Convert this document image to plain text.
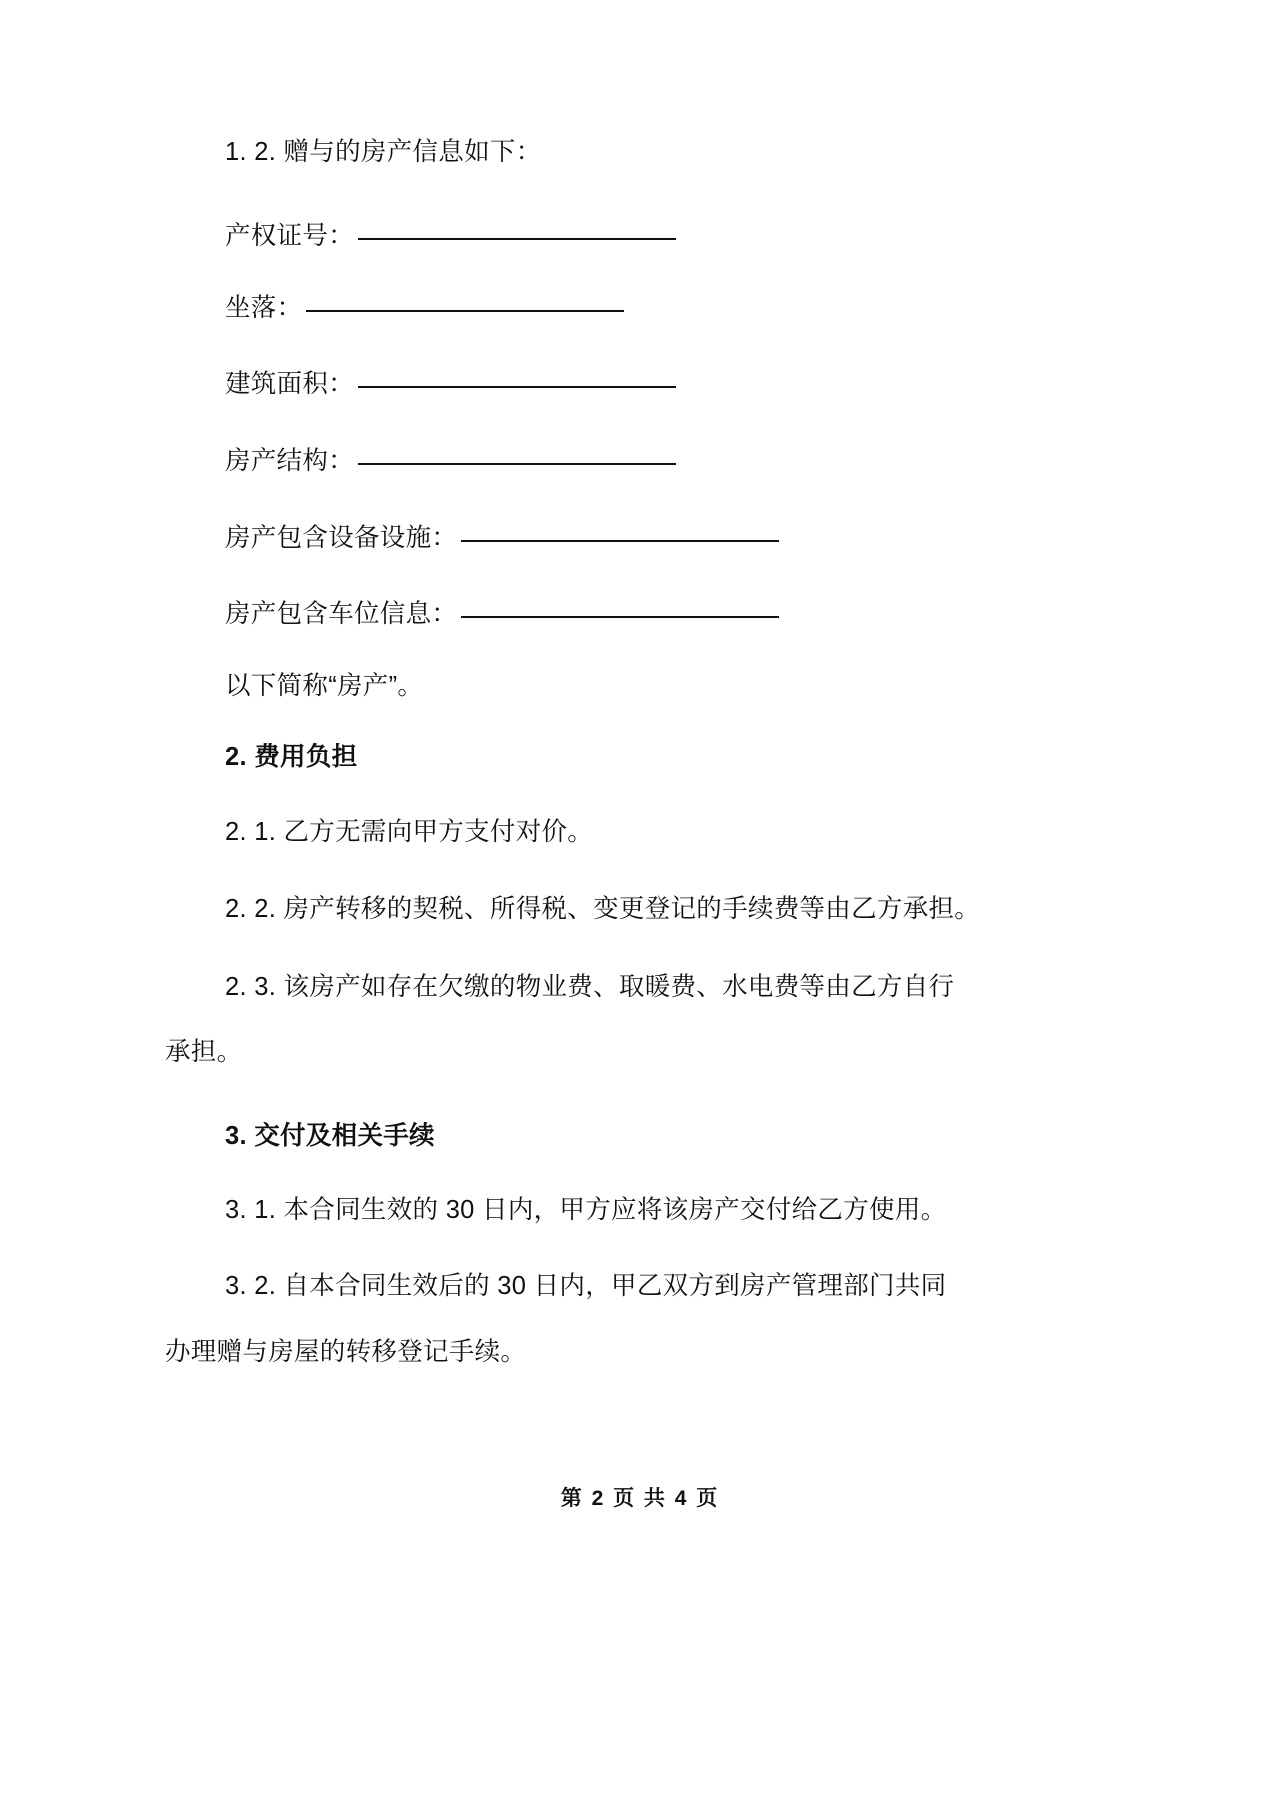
1. 2. 赠与的房产信息如下：
产权证号：
坐落：
建筑面积：
房产结构：
房产包含设备设施：
房产包含车位信息：
以下简称“房产”。
2. 费用负担
2. 1. 乙方无需向甲方支付对价。
2. 2. 房产转移的契税、所得税、变更登记的手续费等由乙方承担。
2. 3. 该房产如存在欠缴的物业费、取暖费、水电费等由乙方自行
承担。
3. 交付及相关手续
3. 1. 本合同生效的 30 日内，甲方应将该房产交付给乙方使用。
3. 2. 自本合同生效后的 30 日内，甲乙双方到房产管理部门共同
办理赠与房屋的转移登记手续。
第 2 页 共 4 页
